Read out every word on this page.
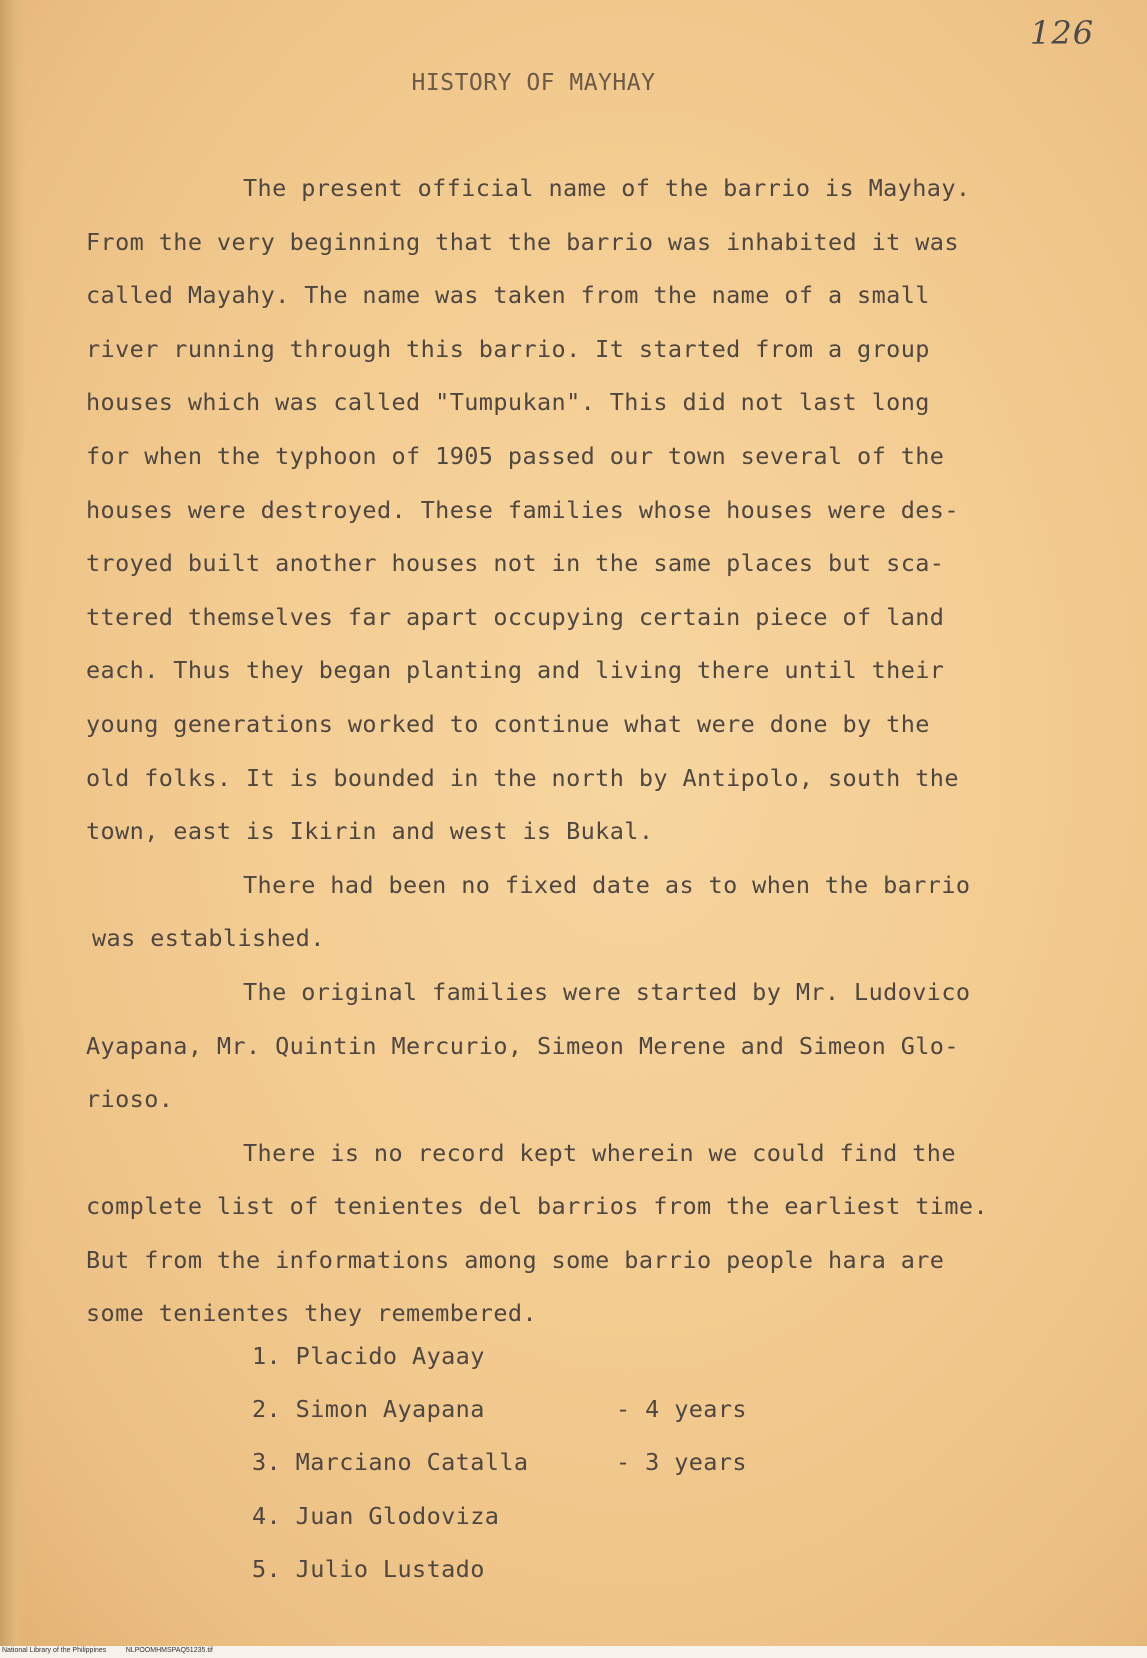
126
HISTORY OF MAYHAY
The present official name of the barrio is Mayhay.
From the very beginning that the barrio was inhabited it was
called Mayahy. The name was taken from the name of a small
river running through this barrio. It started from a group
houses which was called "Tumpukan". This did not last long
for when the typhoon of 1905 passed our town several of the
houses were destroyed. These families whose houses were des-
troyed built another houses not in the same places but sca-
ttered themselves far apart occupying certain piece of land
each. Thus they began planting and living there until their
young generations worked to continue what were done by the
old folks. It is bounded in the north by Antipolo, south the
town, east is Ikirin and west is Bukal.
There had been no fixed date as to when the barrio
was established.
The original families were started by Mr. Ludovico
Ayapana, Mr. Quintin Mercurio, Simeon Merene and Simeon Glo-
rioso.
There is no record kept wherein we could find the
complete list of tenientes del barrios from the earliest time.
But from the informations among some barrio people hara are
some tenientes they remembered.
1. Placido Ayaay
2. Simon Ayapana	- 4 years
3. Marciano Catalla	- 3 years
4. Juan Glodoviza
5. Julio Lustado
National Library of the Philippines	NLPOOMHMSPAQ51235.tif
